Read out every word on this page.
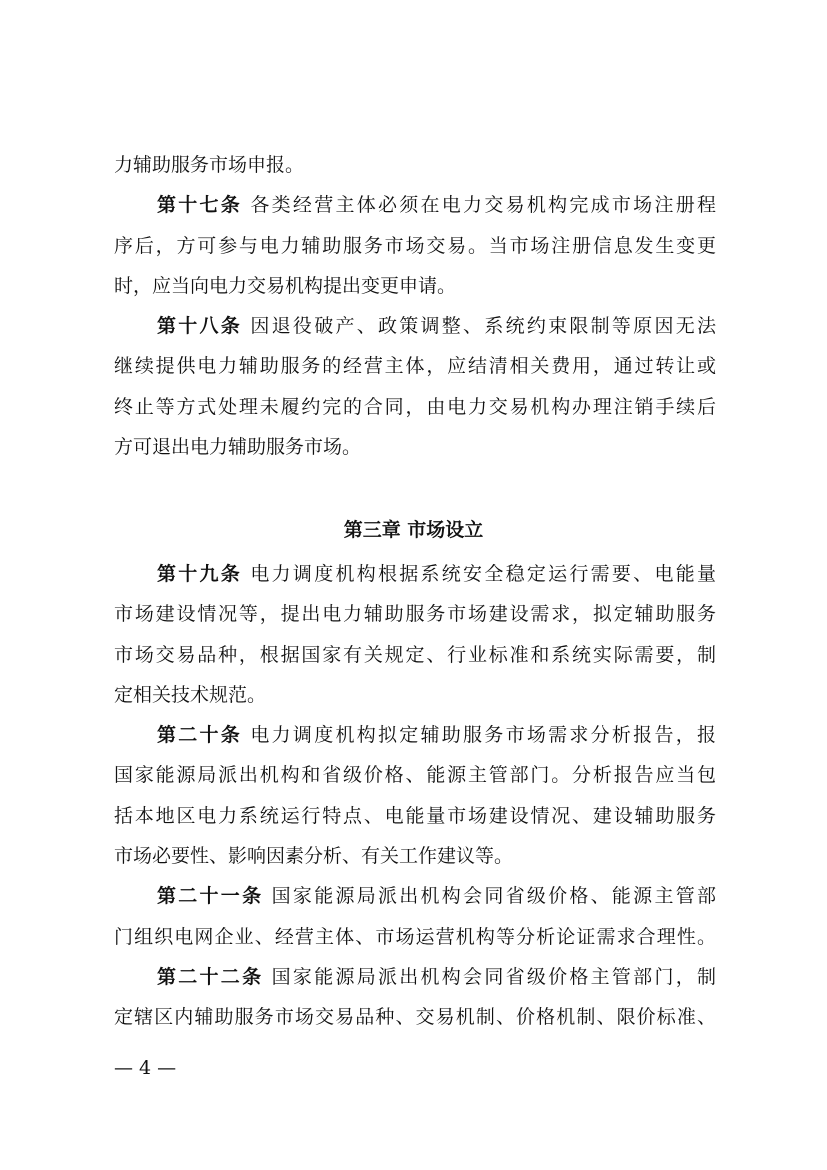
力辅助服务市场申报。
第十七条 各类经营主体必须在电力交易机构完成市场注册程
序后，方可参与电力辅助服务市场交易。当市场注册信息发生变更
时，应当向电力交易机构提出变更申请。
第十八条 因退役破产、政策调整、系统约束限制等原因无法
继续提供电力辅助服务的经营主体，应结清相关费用，通过转让或
终止等方式处理未履约完的合同，由电力交易机构办理注销手续后
方可退出电力辅助服务市场。
第三章 市场设立
第十九条 电力调度机构根据系统安全稳定运行需要、电能量
市场建设情况等，提出电力辅助服务市场建设需求，拟定辅助服务
市场交易品种，根据国家有关规定、行业标准和系统实际需要，制
定相关技术规范。
第二十条 电力调度机构拟定辅助服务市场需求分析报告，报
国家能源局派出机构和省级价格、能源主管部门。分析报告应当包
括本地区电力系统运行特点、电能量市场建设情况、建设辅助服务
市场必要性、影响因素分析、有关工作建议等。
第二十一条 国家能源局派出机构会同省级价格、能源主管部
门组织电网企业、经营主体、市场运营机构等分析论证需求合理性。
第二十二条 国家能源局派出机构会同省级价格主管部门，制
定辖区内辅助服务市场交易品种、交易机制、价格机制、限价标准、
— 4 —
